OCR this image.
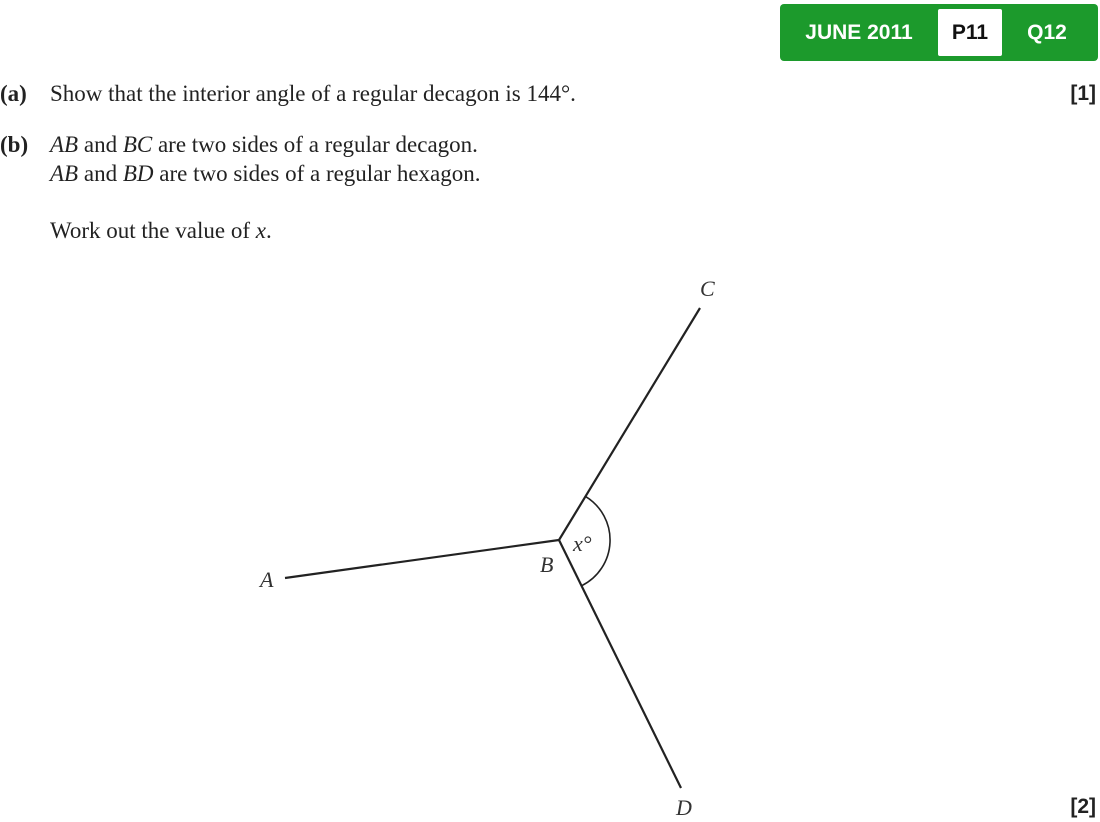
JUNE 2011	P11	Q12
(a) Show that the interior angle of a regular decagon is 144°.	[1]
(b) AB and BC are two sides of a regular decagon.
AB and BD are two sides of a regular hexagon.
Work out the value of x.
[2]
A
B
C
D
x°
